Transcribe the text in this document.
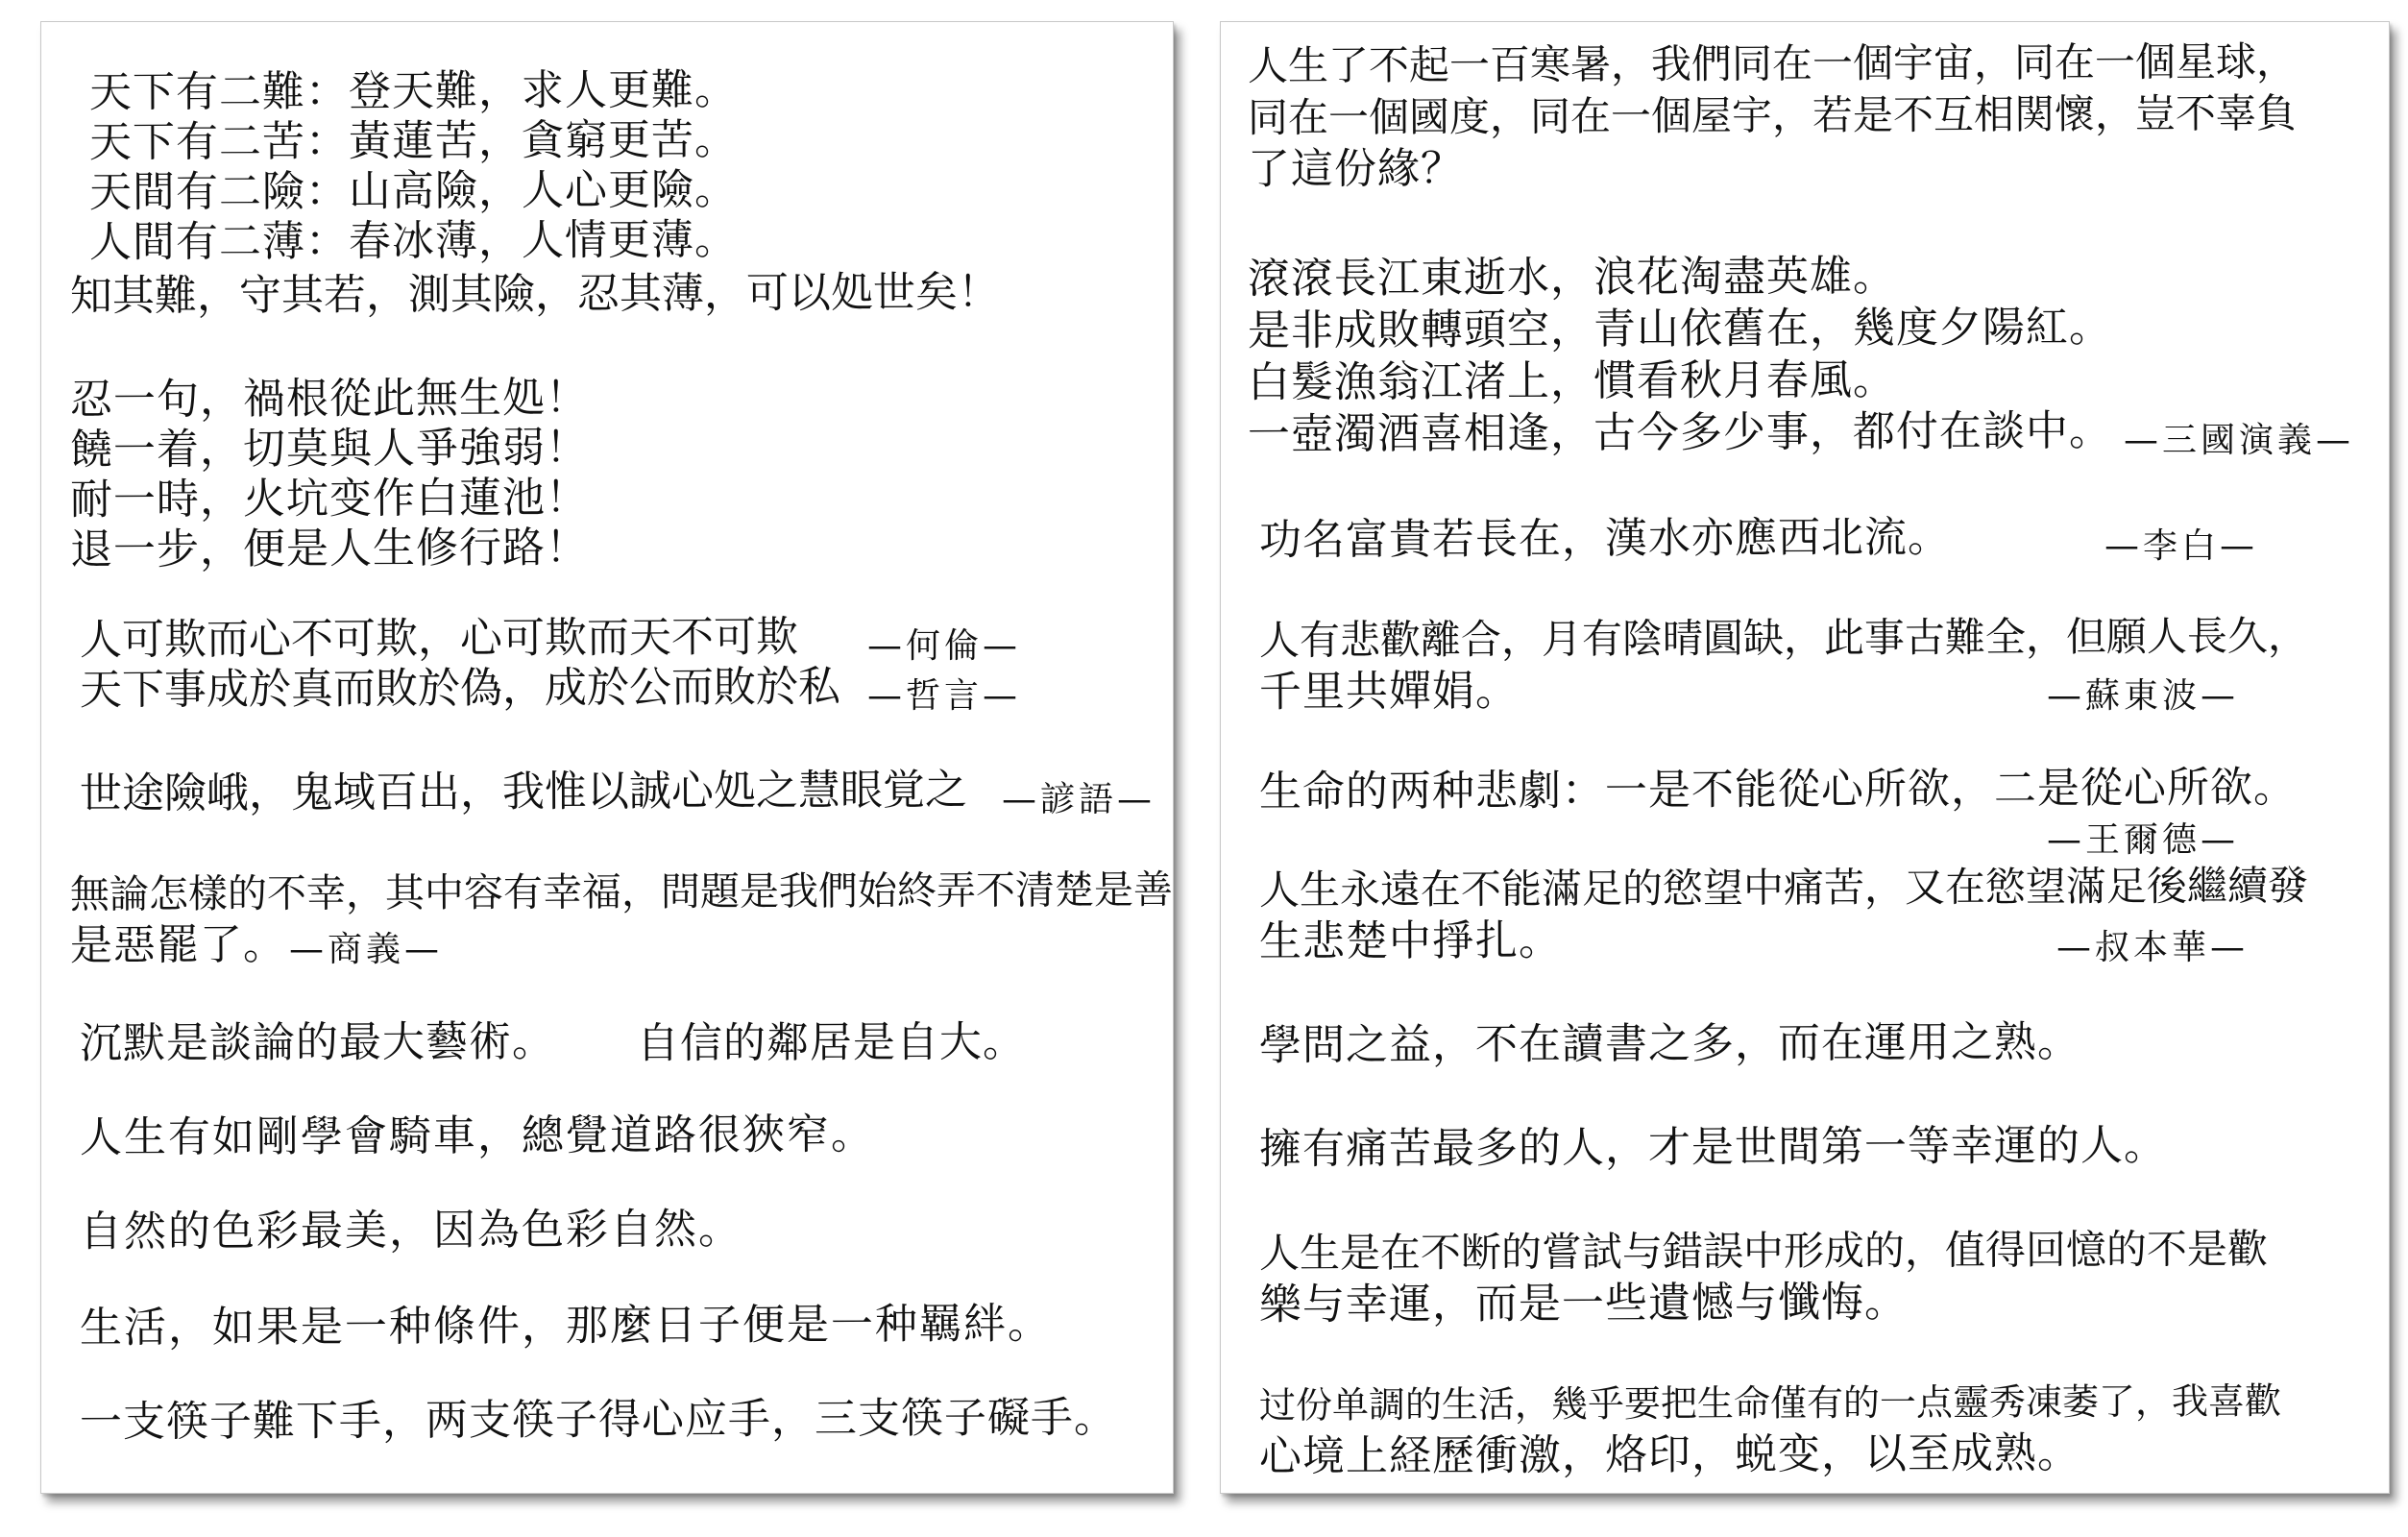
天下有二難：登天難，求人更難。
天下有二苦：黃蓮苦，貪窮更苦。
天間有二險：山高險，人心更險。
人間有二薄：春冰薄，人情更薄。
知其難，守其若，測其險，忍其薄，可以処世矣！
忍一句，禍根從此無生処！
饒一着，切莫與人爭強弱！
耐一時，火坑变作白蓮池！
退一步，便是人生修行路！
人可欺而心不可欺，心可欺而天不可欺 —何倫—
天下事成於真而敗於偽，成於公而敗於私 —哲言—
世途險峨，鬼域百出，我惟以誠心処之慧眼覚之 —諺語—
無論怎樣的不幸，其中容有幸福，問題是我們始終弄不清楚是善
是惡罷了。 —商義—
沉默是談論的最大藝術。 自信的鄰居是自大。
人生有如剛學會騎車，總覺道路很狹窄。
自然的色彩最美，因為色彩自然。
生活，如果是一种條件，那麼日子便是一种羈絆。
一支筷子難下手，两支筷子得心应手，三支筷子礙手。
人生了不起一百寒暑，我們同在一個宇宙，同在一個星球，
同在一個國度，同在一個屋宇，若是不互相関懷，豈不辜負
了這份緣？
滾滾長江東逝水，浪花淘盡英雄。
是非成敗轉頭空，青山依舊在，幾度夕陽紅。
白髮漁翁江渚上，慣看秋月春風。
一壺濁酒喜相逢，古今多少事，都付在談中。 —三國演義—
功名富貴若長在，漢水亦應西北流。	—李白—
人有悲歡離合，月有陰晴圓缺，此事古難全，但願人長久，
千里共嬋娟。	—蘇東波—
生命的两种悲劇：一是不能從心所欲，二是從心所欲。
—王爾德—
人生永遠在不能滿足的慾望中痛苦，又在慾望滿足後繼續發
生悲楚中掙扎。	—叔本華—
學問之益，不在讀書之多，而在運用之熟。
擁有痛苦最多的人，才是世間第一等幸運的人。
人生是在不断的嘗試与錯誤中形成的，值得回憶的不是歡
樂与幸運，而是一些遺憾与懺悔。
过份单調的生活，幾乎要把生命僅有的一点靈秀凍萎了，我喜歡
心境上経歷衝激，烙印，蜕变，以至成熟。
